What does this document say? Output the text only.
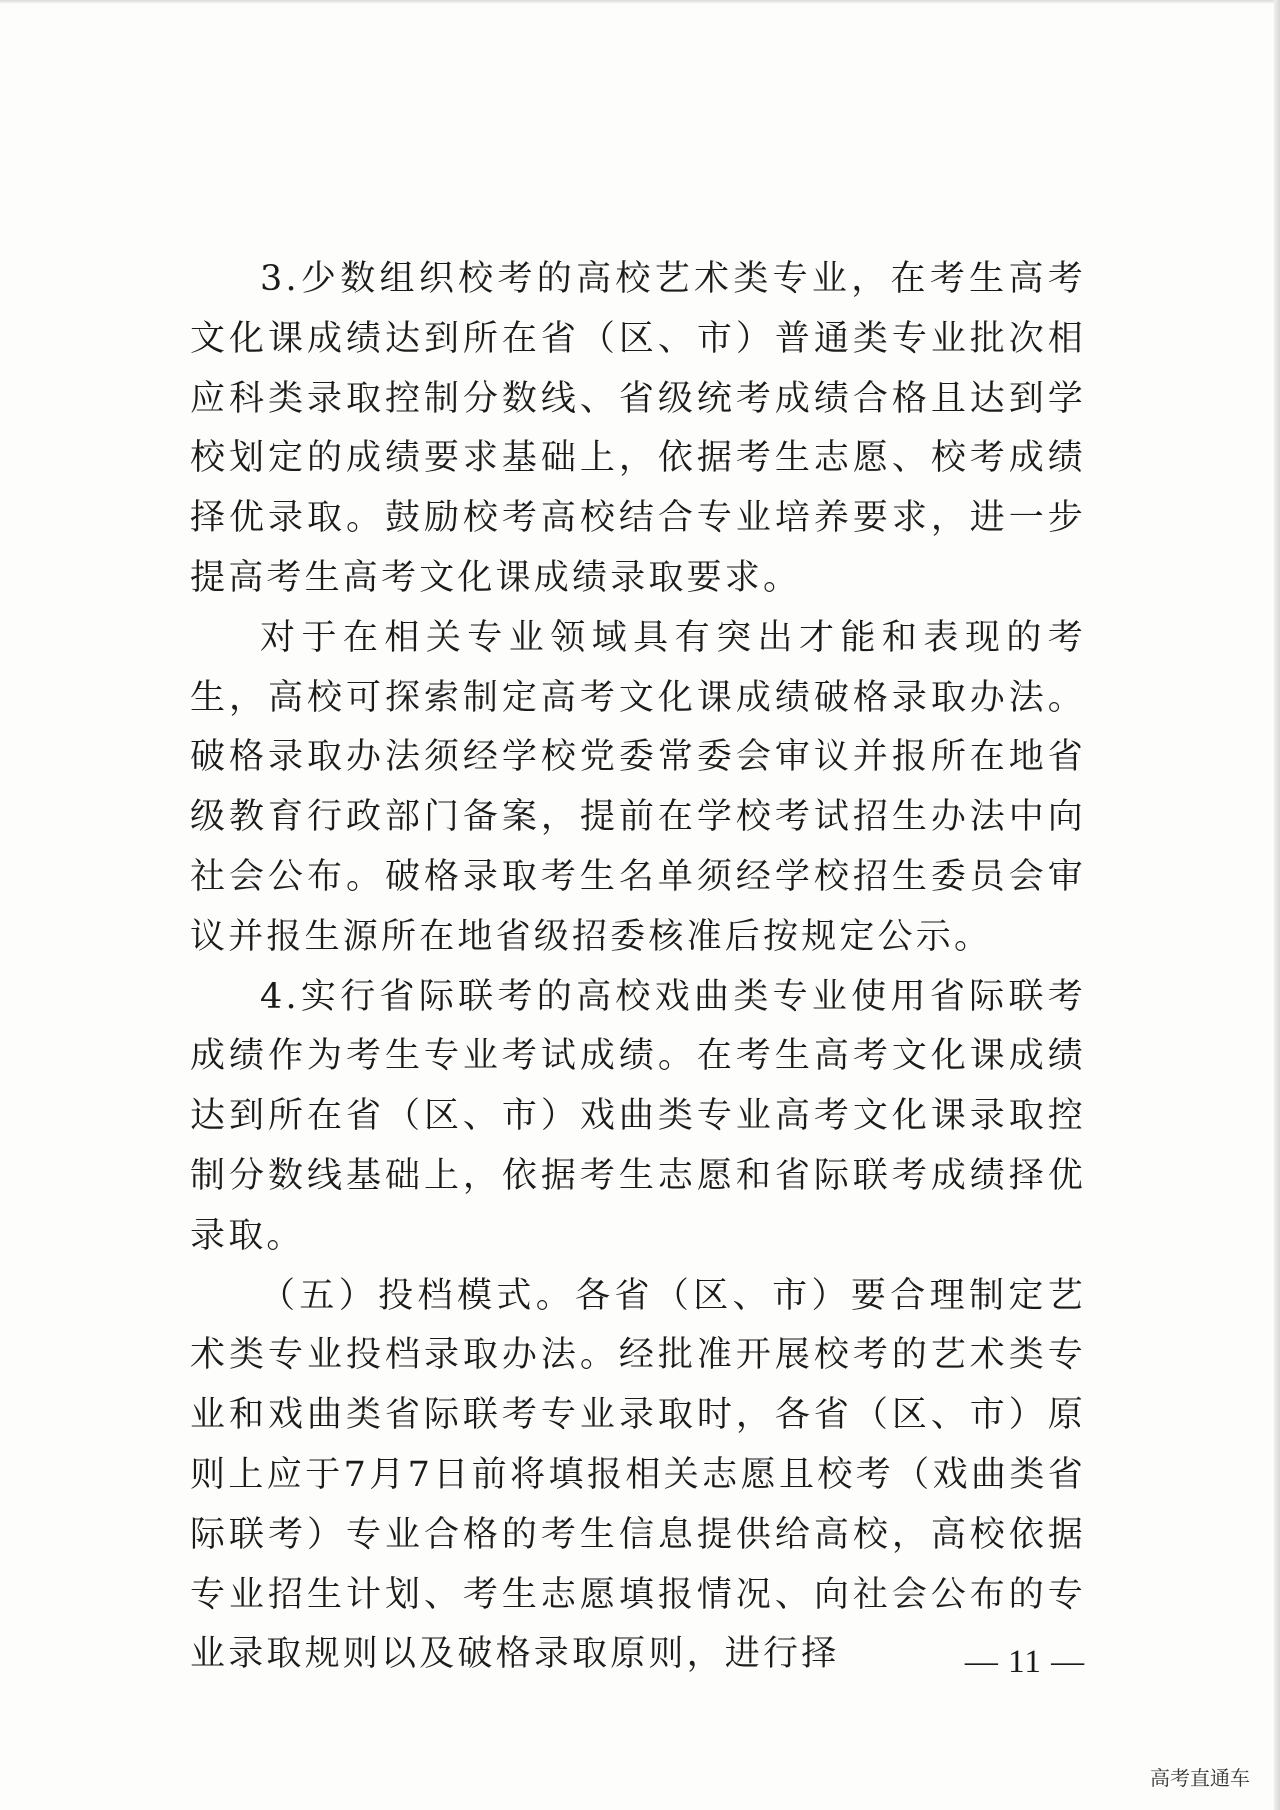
3.少数组织校考的高校艺术类专业，在考生高考文化课成绩达到所在省（区、市）普通类专业批次相应科类录取控制分数线、省级统考成绩合格且达到学校划定的成绩要求基础上，依据考生志愿、校考成绩择优录取。鼓励校考高校结合专业培养要求，进一步提高考生高考文化课成绩录取要求。

对于在相关专业领域具有突出才能和表现的考生，高校可探索制定高考文化课成绩破格录取办法。破格录取办法须经学校党委常委会审议并报所在地省级教育行政部门备案，提前在学校考试招生办法中向社会公布。破格录取考生名单须经学校招生委员会审议并报生源所在地省级招委核准后按规定公示。

4.实行省际联考的高校戏曲类专业使用省际联考成绩作为考生专业考试成绩。在考生高考文化课成绩达到所在省（区、市）戏曲类专业高考文化课录取控制分数线基础上，依据考生志愿和省际联考成绩择优录取。

（五）投档模式。各省（区、市）要合理制定艺术类专业投档录取办法。经批准开展校考的艺术类专业和戏曲类省际联考专业录取时，各省（区、市）原则上应于7月7日前将填报相关志愿且校考（戏曲类省际联考）专业合格的考生信息提供给高校，高校依据专业招生计划、考生志愿填报情况、向社会公布的专业录取规则以及破格录取原则，进行择	— 11 —
高考直通车
